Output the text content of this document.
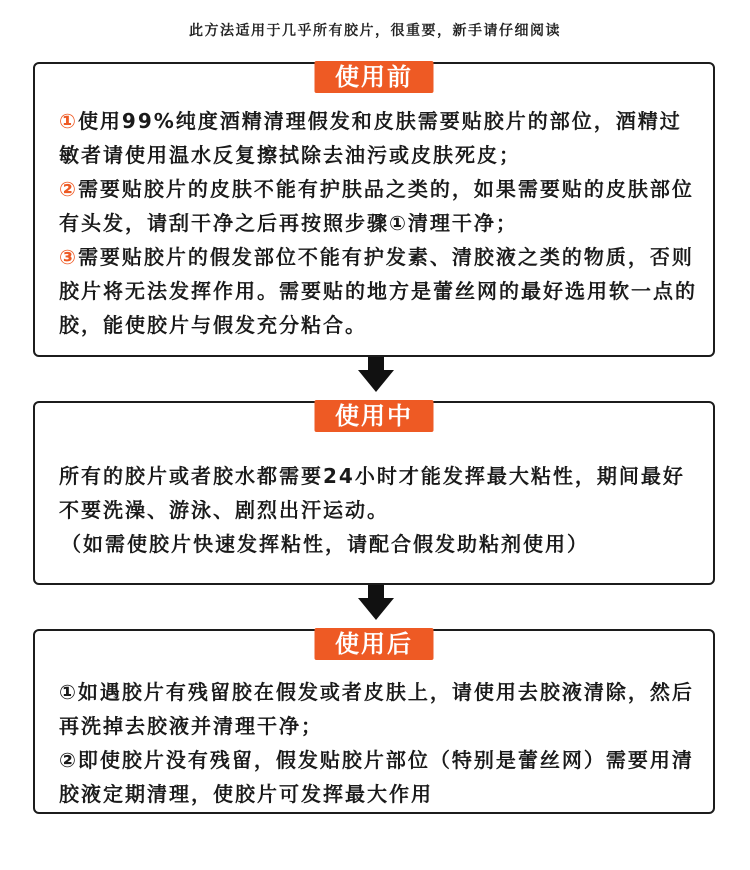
此方法适用于几乎所有胶片，很重要，新手请仔细阅读
使用前
①使用99%纯度酒精清理假发和皮肤需要贴胶片的部位，酒精过敏者请使用温水反复擦拭除去油污或皮肤死皮；
②需要贴胶片的皮肤不能有护肤品之类的，如果需要贴的皮肤部位有头发，请刮干净之后再按照步骤①清理干净；
③需要贴胶片的假发部位不能有护发素、清胶液之类的物质，否则胶片将无法发挥作用。需要贴的地方是蕾丝网的最好选用软一点的胶，能使胶片与假发充分粘合。
使用中
所有的胶片或者胶水都需要24小时才能发挥最大粘性，期间最好不要洗澡、游泳、剧烈出汗运动。
（如需使胶片快速发挥粘性，请配合假发助粘剂使用）
使用后
①如遇胶片有残留胶在假发或者皮肤上，请使用去胶液清除，然后再洗掉去胶液并清理干净；
②即使胶片没有残留，假发贴胶片部位（特别是蕾丝网）需要用清胶液定期清理，使胶片可发挥最大作用
